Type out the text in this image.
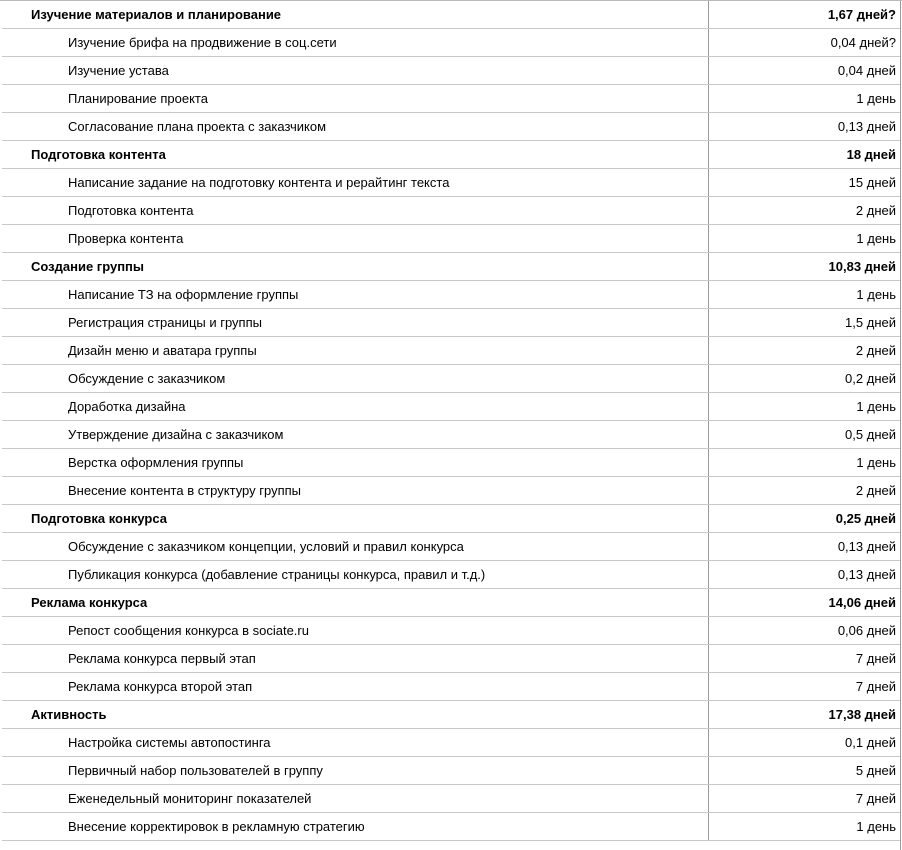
Изучение материалов и планирование	1,67 дней?
Изучение брифа на продвижение в соц.сети	0,04 дней?
Изучение устава	0,04 дней
Планирование проекта	1 день
Согласование плана проекта с заказчиком	0,13 дней
Подготовка контента	18 дней
Написание задание на подготовку контента и рерайтинг текста	15 дней
Подготовка контента	2 дней
Проверка контента	1 день
Создание группы	10,83 дней
Написание ТЗ на оформление группы	1 день
Регистрация страницы и группы	1,5 дней
Дизайн меню и аватара группы	2 дней
Обсуждение с заказчиком	0,2 дней
Доработка дизайна	1 день
Утверждение дизайна с заказчиком	0,5 дней
Верстка оформления группы	1 день
Внесение контента в структуру группы	2 дней
Подготовка конкурса	0,25 дней
Обсуждение с заказчиком концепции, условий и правил конкурса	0,13 дней
Публикация конкурса (добавление страницы конкурса, правил и т.д.)	0,13 дней
Реклама конкурса	14,06 дней
Репост сообщения конкурса в sociate.ru	0,06 дней
Реклама конкурса первый этап	7 дней
Реклама конкурса второй этап	7 дней
Активность	17,38 дней
Настройка системы автопостинга	0,1 дней
Первичный набор пользователей в группу	5 дней
Еженедельный мониторинг показателей	7 дней
Внесение корректировок в рекламную стратегию	1 день
